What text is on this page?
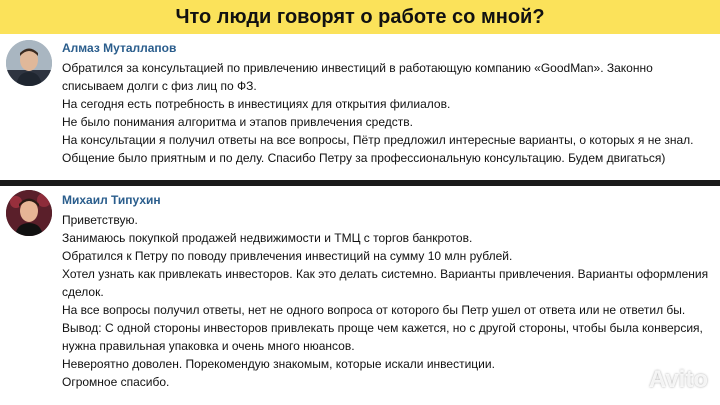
Что люди говорят о работе со мной?
Алмаз Муталлапов

Обратился за консультацией по привлечению инвестиций в работающую компанию «GoodMan». Законно списываем долги с физ лиц по ФЗ.

На сегодня есть потребность в инвестициях для открытия филиалов.

Не было понимания алгоритма и этапов привлечения средств.

На консультации я получил ответы на все вопросы, Пётр предложил интересные варианты, о которых я не знал. Общение было приятным и по делу. Спасибо Петру за профессиональную консультацию. Будем двигаться)

Михаил Типухин

Приветствую.

Занимаюсь покупкой продажей недвижимости и ТМЦ с торгов банкротов.

Обратился к Петру по поводу привлечения инвестиций на сумму 10 млн рублей.

Хотел узнать как привлекать инвесторов. Как это делать системно. Варианты привлечения. Варианты оформления сделок.

На все вопросы получил ответы, нет не одного вопроса от которого бы Петр ушел от ответа или не ответил бы.

Вывод: С одной стороны инвесторов привлекать проще чем кажется, но с другой стороны, чтобы была конверсия, нужна правильная упаковка и очень много нюансов.

Невероятно доволен. Порекомендую знакомым, которые искали инвестиции.

Огромное спасибо.	Avito
